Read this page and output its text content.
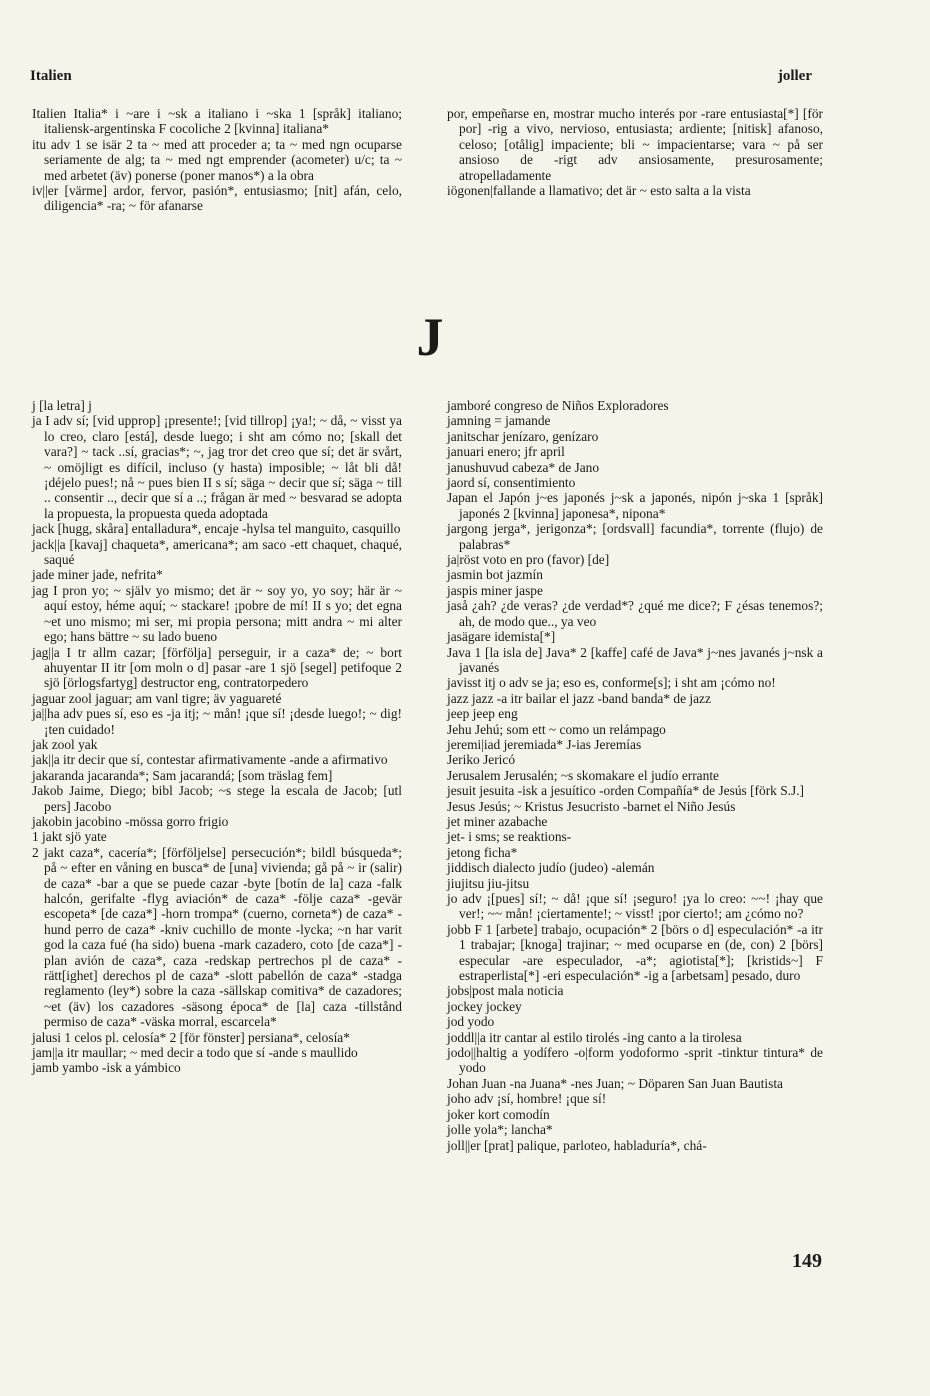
Italien	joller

Italien Italia* i ~are i ~sk a italiano i ~ska 1 [språk] italiano; italiensk-argentinska F cocoliche 2 [kvinna] italiana*

itu adv 1 se isär 2 ta ~ med att proceder a; ta ~ med ngn ocuparse seriamente de alg; ta ~ med ngt emprender (acometer) u/c; ta ~ med arbetet (äv) ponerse (poner manos*) a la obra

iv||er [värme] ardor, fervor, pasión*, entusiasmo; [nit] afán, celo, diligencia* -ra; ~ för afanarse

por, empeñarse en, mostrar mucho interés por -rare entusiasta[*] [för por] -rig a vivo, nervioso, entusiasta; ardiente; [nitisk] afanoso, celoso; [otålig] impaciente; bli ~ impacientarse; vara ~ på ser ansioso de -rigt adv ansiosamente, presurosamente; atropelladamente

iögonen|fallande a llamativo; det är ~ esto salta a la vista

J

j [la letra] j

ja I adv sí; [vid upprop] ¡presente!; [vid tillrop] ¡ya!; ~ då, ~ visst ya lo creo, claro [está], desde luego; i sht am cómo no; [skall det vara?] ~ tack ..sí, gracias*; ~, jag tror det creo que sí; det är svårt, ~ omöjligt es difícil, incluso (y hasta) imposible; ~ låt bli då! ¡déjelo pues!; nå ~ pues bien II s sí; säga ~ decir que sí; säga ~ till .. consentir .., decir que sí a ..; frågan är med ~ besvarad se adopta la propuesta, la propuesta queda adoptada

jack [hugg, skåra] entalladura*, encaje -hylsa tel manguito, casquillo

jack||a [kavaj] chaqueta*, americana*; am saco -ett chaquet, chaqué, saqué

jade miner jade, nefrita*

jag I pron yo; ~ själv yo mismo; det är ~ soy yo, yo soy; här är ~ aquí estoy, héme aquí; ~ stackare! ¡pobre de mí! II s yo; det egna ~et uno mismo; mi ser, mi propia persona; mitt andra ~ mi alter ego; hans bättre ~ su lado bueno

jag||a I tr allm cazar; [förfölja] perseguir, ir a caza* de; ~ bort ahuyentar II itr [om moln o d] pasar -are 1 sjö [segel] petifoque 2 sjö [örlogsfartyg] destructor eng, contratorpedero

jaguar zool jaguar; am vanl tigre; äv yaguareté

ja||ha adv pues sí, eso es -ja itj; ~ mån! ¡que sí! ¡desde luego!; ~ dig! ¡ten cuidado!

jak zool yak

jak||a itr decir que sí, contestar afirmativamente -ande a afirmativo

jakaranda jacaranda*; Sam jacarandá; [som träslag fem]

Jakob Jaime, Diego; bibl Jacob; ~s stege la escala de Jacob; [utl pers] Jacobo

jakobin jacobino -mössa gorro frigio

1 jakt sjö yate

2 jakt caza*, cacería*; [förföljelse] persecución*; bildl búsqueda*; på ~ efter en våning en busca* de [una] vivienda; gå på ~ ir (salir) de caza* -bar a que se puede cazar -byte [botín de la] caza -falk halcón, gerifalte -flyg aviación* de caza* -följe caza* -gevär escopeta* [de caza*] -horn trompa* (cuerno, corneta*) de caza* -hund perro de caza* -kniv cuchillo de monte -lycka; ~n har varit god la caza fué (ha sido) buena -mark cazadero, coto [de caza*] -plan avión de caza*, caza -redskap pertrechos pl de caza* -rätt[ighet] derechos pl de caza* -slott pabellón de caza* -stadga reglamento (ley*) sobre la caza -sällskap comitiva* de cazadores; ~et (äv) los cazadores -säsong época* de [la] caza -tillstånd permiso de caza* -väska morral, escarcela*

jalusi 1 celos pl. celosía* 2 [för fönster] persiana*, celosía*

jam||a itr maullar; ~ med decir a todo que sí -ande s maullido

jamb yambo -isk a yámbico

jamboré congreso de Niños Exploradores

jamning = jamande

janitschar jenízaro, genízaro

januari enero; jfr april

janushuvud cabeza* de Jano

jaord sí, consentimiento

Japan el Japón j~es japonés j~sk a japonés, nipón j~ska 1 [språk] japonés 2 [kvinna] japonesa*, nipona*

jargong jerga*, jerigonza*; [ordsvall] facundia*, torrente (flujo) de palabras*

ja|röst voto en pro (favor) [de]

jasmin bot jazmín

jaspis miner jaspe

jaså ¿ah? ¿de veras? ¿de verdad*? ¿qué me dice?; F ¿ésas tenemos?; ah, de modo que.., ya veo

jasägare idemista[*]

Java 1 [la isla de] Java* 2 [kaffe] café de Java* j~nes javanés j~nsk a javanés

javisst itj o adv se ja; eso es, conforme[s]; i sht am ¡cómo no!

jazz jazz -a itr bailar el jazz -band banda* de jazz

jeep jeep eng

Jehu Jehú; som ett ~ como un relámpago

jeremi|iad jeremiada* J-ias Jeremías

Jeriko Jericó

Jerusalem Jerusalén; ~s skomakare el judío errante

jesuit jesuita -isk a jesuítico -orden Compañía* de Jesús [förk S.J.]

Jesus Jesús; ~ Kristus Jesucristo -barnet el Niño Jesús

jet miner azabache

jet- i sms; se reaktions-

jetong ficha*

jiddisch dialecto judío (judeo) -alemán

jiujitsu jiu-jitsu

jo adv ¡[pues] sí!; ~ då! ¡que sí! ¡seguro! ¡ya lo creo: ~~! ¡hay que ver!; ~~ mån! ¡ciertamente!; ~ visst! ¡por cierto!; am ¿cómo no?

jobb F 1 [arbete] trabajo, ocupación* 2 [börs o d] especulación* -a itr 1 trabajar; [knoga] trajinar; ~ med ocuparse en (de, con) 2 [börs] especular -are especulador, -a*; agiotista[*]; [kristids~] F estraperlista[*] -eri especulación* -ig a [arbetsam] pesado, duro

jobs|post mala noticia

jockey jockey

jod yodo

joddl||a itr cantar al estilo tirolés -ing canto a la tirolesa

jodo||haltig a yodífero -o|form yodoformo -sprit -tinktur tintura* de yodo

Johan Juan -na Juana* -nes Juan; ~ Döparen San Juan Bautista

joho adv ¡sí, hombre! ¡que sí!

joker kort comodín

jolle yola*; lancha*

joll||er [prat] palique, parloteo, habladuría*, chá-

149
